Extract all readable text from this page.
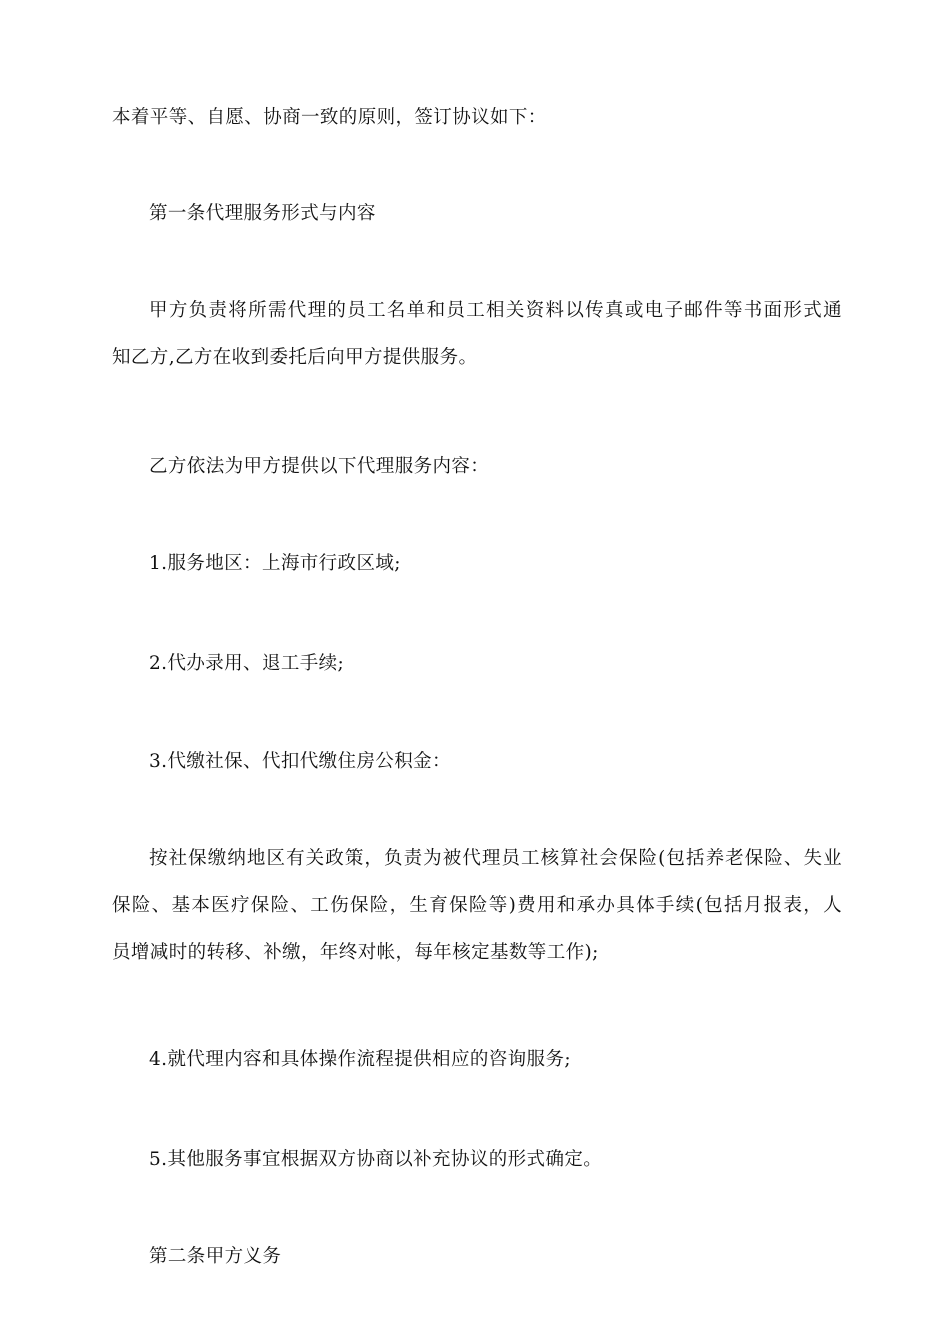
本着平等、自愿、协商一致的原则，签订协议如下：

第一条代理服务形式与内容

甲方负责将所需代理的员工名单和员工相关资料以传真或电子邮件等书面形式通
知乙方,乙方在收到委托后向甲方提供服务。

乙方依法为甲方提供以下代理服务内容：

1.服务地区：上海市行政区域;

2.代办录用、退工手续;

3.代缴社保、代扣代缴住房公积金：

按社保缴纳地区有关政策，负责为被代理员工核算社会保险(包括养老保险、失业
保险、基本医疗保险、工伤保险，生育保险等)费用和承办具体手续(包括月报表，人
员增减时的转移、补缴，年终对帐，每年核定基数等工作);

4.就代理内容和具体操作流程提供相应的咨询服务;

5.其他服务事宜根据双方协商以补充协议的形式确定。

第二条甲方义务
